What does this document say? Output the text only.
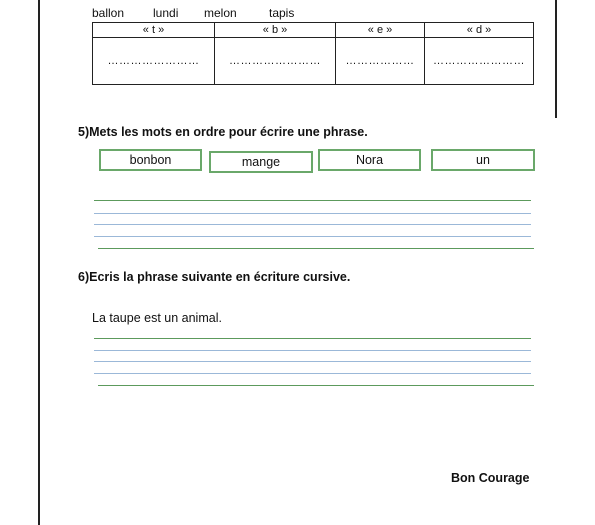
ballon lundi melon	tapis
« t »	« b »	« e »	« d »
……………………	……………………	………………	……………………
5)Mets les mots en ordre pour écrire une phrase.
bonbon	mange	Nora	un
6)Ecris la phrase suivante en écriture cursive.
La taupe est un animal.
Bon Courage
